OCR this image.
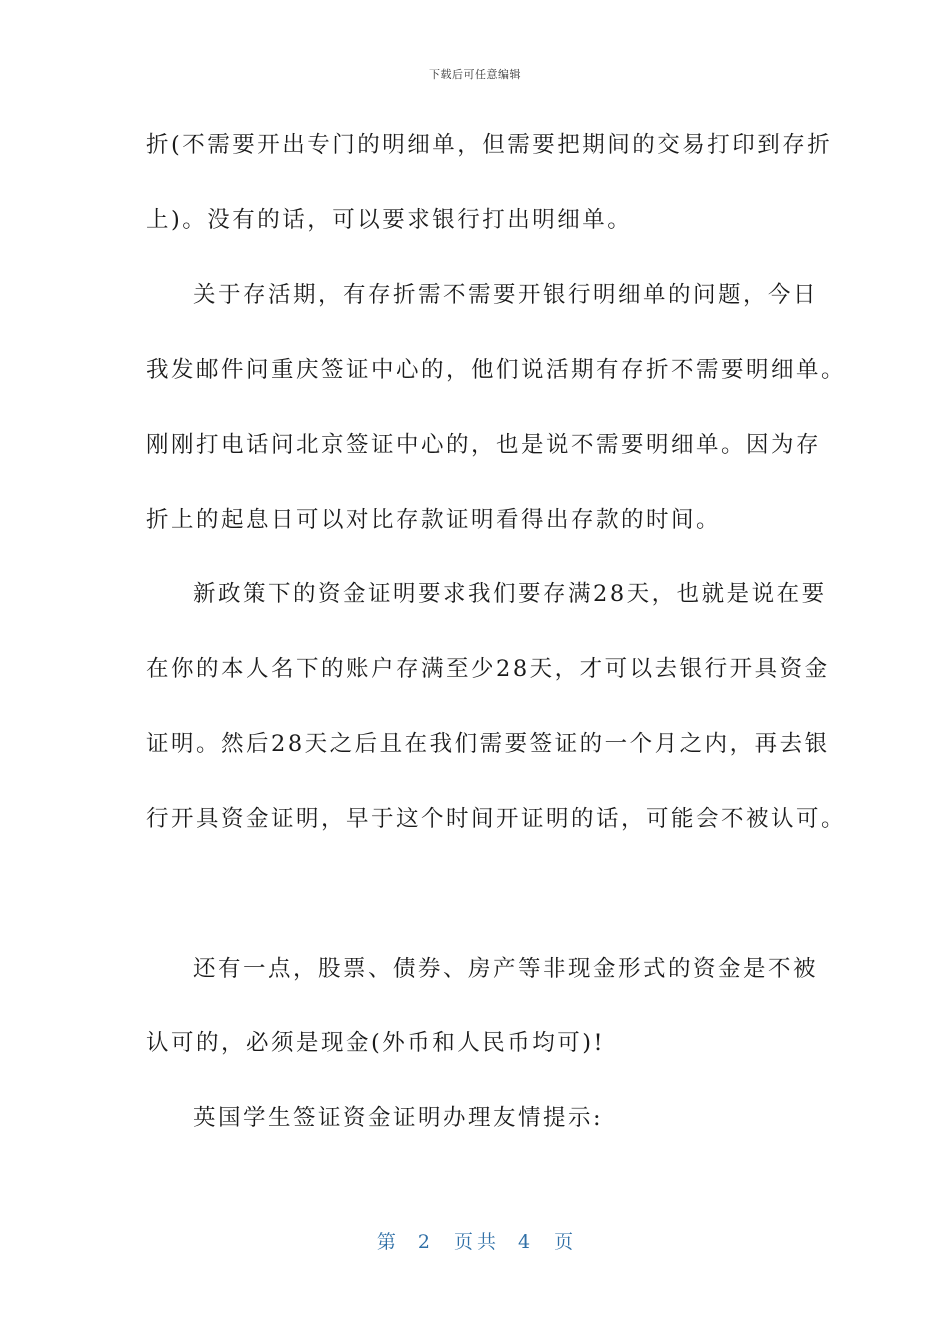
下载后可任意编辑
折(不需要开出专门的明细单，但需要把期间的交易打印到存折
上)。没有的话，可以要求银行打出明细单。
关于存活期，有存折需不需要开银行明细单的问题，今日
我发邮件问重庆签证中心的，他们说活期有存折不需要明细单。
刚刚打电话问北京签证中心的，也是说不需要明细单。因为存
折上的起息日可以对比存款证明看得出存款的时间。
新政策下的资金证明要求我们要存满28天，也就是说在要
在你的本人名下的账户存满至少28天，才可以去银行开具资金
证明。然后28天之后且在我们需要签证的一个月之内，再去银
行开具资金证明，早于这个时间开证明的话，可能会不被认可。
还有一点，股票、债券、房产等非现金形式的资金是不被
认可的，必须是现金(外币和人民币均可)!
英国学生签证资金证明办理友情提示:
第 2 页 共 4 页
